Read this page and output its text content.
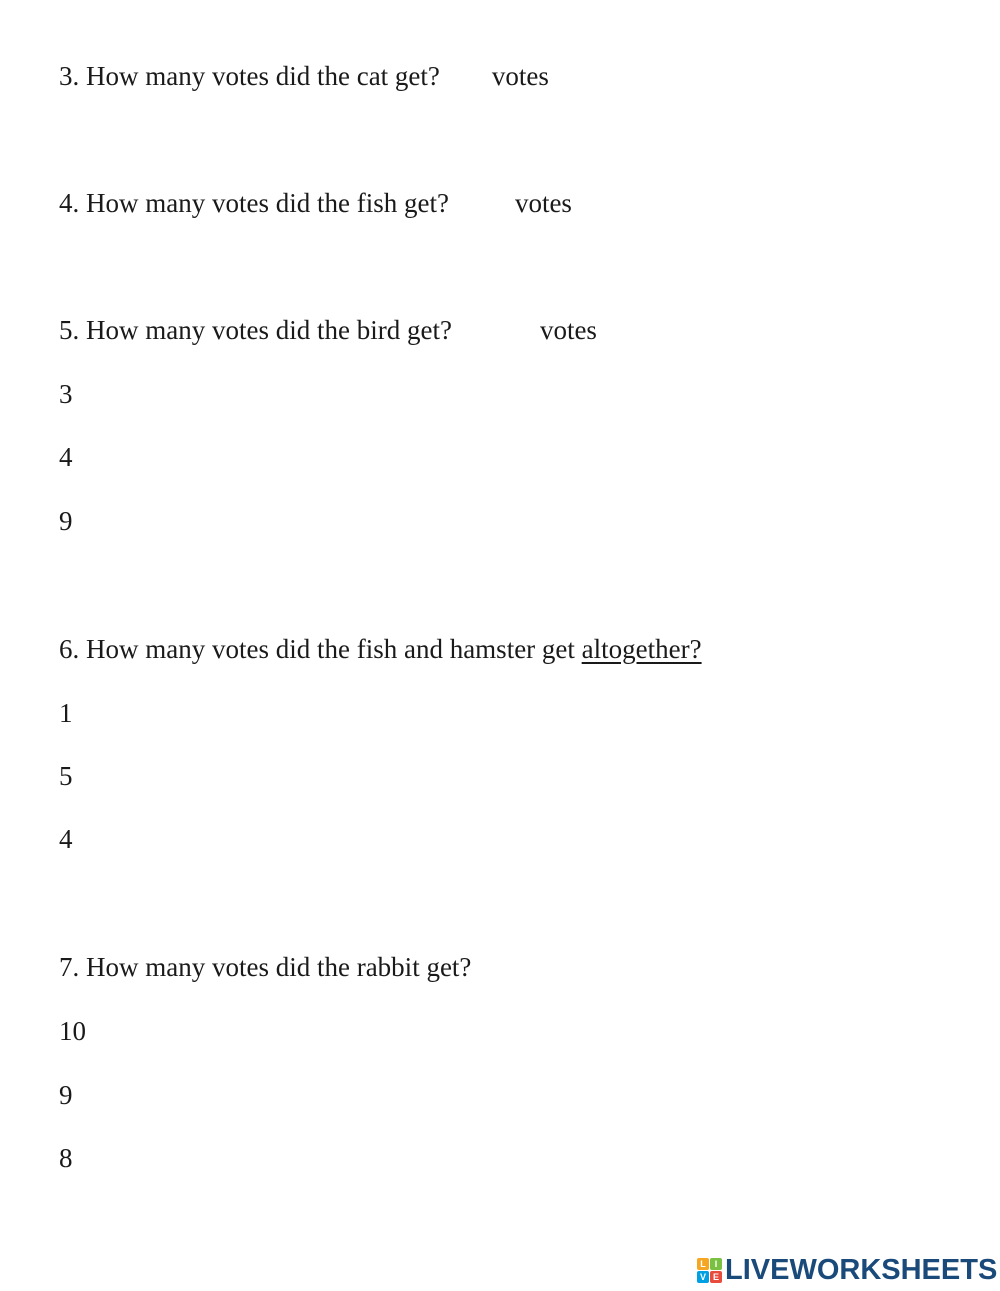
3. How many votes did the cat get? votes
4. How many votes did the fish get? votes
5. How many votes did the bird get?	votes
3
4
9
6. How many votes did the fish and hamster get altogether?
1
5
4
7. How many votes did the rabbit get?
10
9
8
L I
V E LIVEWORKSHEETS
